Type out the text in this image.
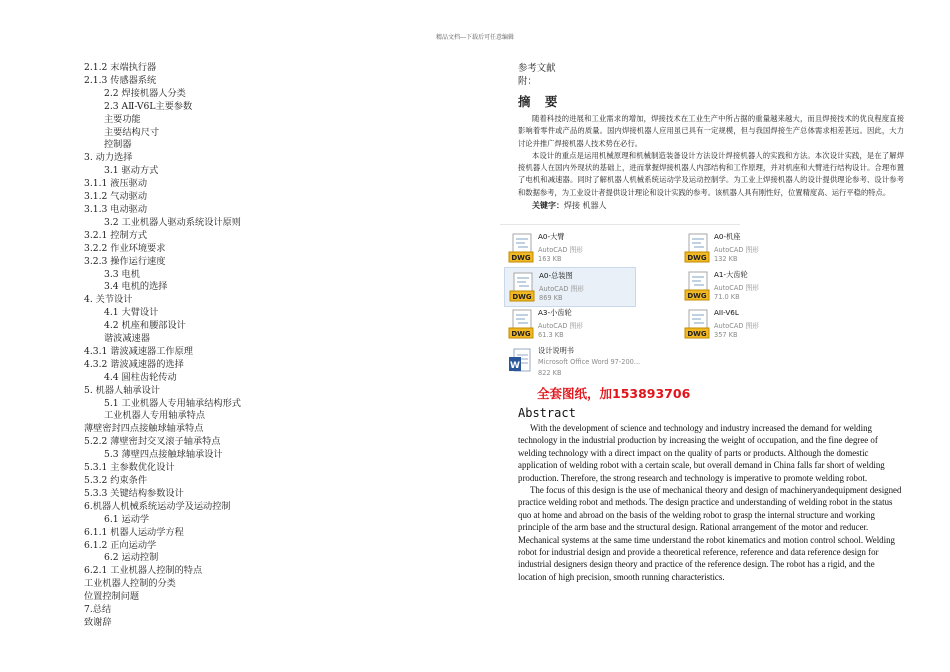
精品文档---下载后可任意编辑
2.1.2 末端执行器
2.1.3 传感器系统
2.2 焊接机器人分类
2.3 AⅡ-V6L主要参数
主要功能
主要结构尺寸
控制器
3. 动力选择
3.1 驱动方式
3.1.1 液压驱动
3.1.2 气动驱动
3.1.3 电动驱动
3.2 工业机器人驱动系统设计原则
3.2.1 控制方式
3.2.2 作业环境要求
3.2.3 操作运行速度
3.3 电机
3.4 电机的选择
4. 关节设计
4.1 大臂设计
4.2 机座和腰部设计
谐波减速器
4.3.1 谐波减速器工作原理
4.3.2 谐波减速器的选择
4.4 圆柱齿轮传动
5. 机器人轴承设计
5.1 工业机器人专用轴承结构形式
工业机器人专用轴承特点
薄壁密封四点接触球轴承特点
5.2.2 薄壁密封交叉滚子轴承特点
5.3 薄壁四点接触球轴承设计
5.3.1 主参数优化设计
5.3.2 约束条件
5.3.3 关键结构参数设计
6.机器人机械系统运动学及运动控制
6.1 运动学
6.1.1 机器人运动学方程
6.1.2 正向运动学
6.2 运动控制
6.2.1 工业机器人控制的特点
工业机器人控制的分类
位置控制问题
7.总结
致谢辞
参考文献
附：
摘 要

随着科技的进展和工业需求的增加，焊接技术在工业生产中所占据的重量越来越大，而且焊接技术的优良程度直接影响着零件或产品的质量。国内焊接机器人应用虽已具有一定规模，但与我国焊接生产总体需求相差甚远。因此，大力讨论并推广焊接机器人技术势在必行。

本设计的重点是运用机械原理和机械制造装备设计方法设计焊接机器人的实践和方法。本次设计实践，是在了解焊接机器人在国内外现状的基础上，进而掌握焊接机器人内部结构和工作原理，并对机座和大臂进行结构设计。合理布置了电机和减速器。同时了解机器人机械系统运动学及运动控制学。为工业上焊接机器人的设计提供理论参考、设计参考和数据参考，为工业设计者提供设计理论和设计实践的参考。该机器人具有刚性好，位置精度高、运行平稳的特点。

关键字：焊接 机器人
DWG
A0-大臂
AutoCAD 图形
163 KB	DWG
A0-机座
AutoCAD 图形
132 KB
DWG
A0-总装图
AutoCAD 图形
869 KB	DWG
A1-大齿轮
AutoCAD 图形
71.0 KB
DWG
A3-小齿轮
AutoCAD 图形
61.3 KB	DWG
AII-V6L
AutoCAD 图形
357 KB
W
设计说明书
Microsoft Office Word 97-200...
822 KB
全套图纸，加153893706
Abstract

With the development of science and technology and industry increased the demand for welding technology in the industrial production by increasing the weight of occupation, and the fine degree of welding technology with a direct impact on the quality of parts or products. Although the domestic application of welding robot with a certain scale, but overall demand in China falls far short of welding production. Therefore, the strong research and technology is imperative to promote welding robot.

The focus of this design is the use of mechanical theory and design of machineryandequipment designed practice welding robot and methods. The design practice and understanding of welding robot in the status quo at home and abroad on the basis of the welding robot to grasp the internal structure and working principle of the arm base and the structural design. Rational arrangement of the motor and reducer. Mechanical systems at the same time understand the robot kinematics and motion control school. Welding robot for industrial design and provide a theoretical reference, reference and data reference design for industrial designers design theory and practice of the reference design. The robot has a rigid, and the location of high precision, smooth running characteristics.
